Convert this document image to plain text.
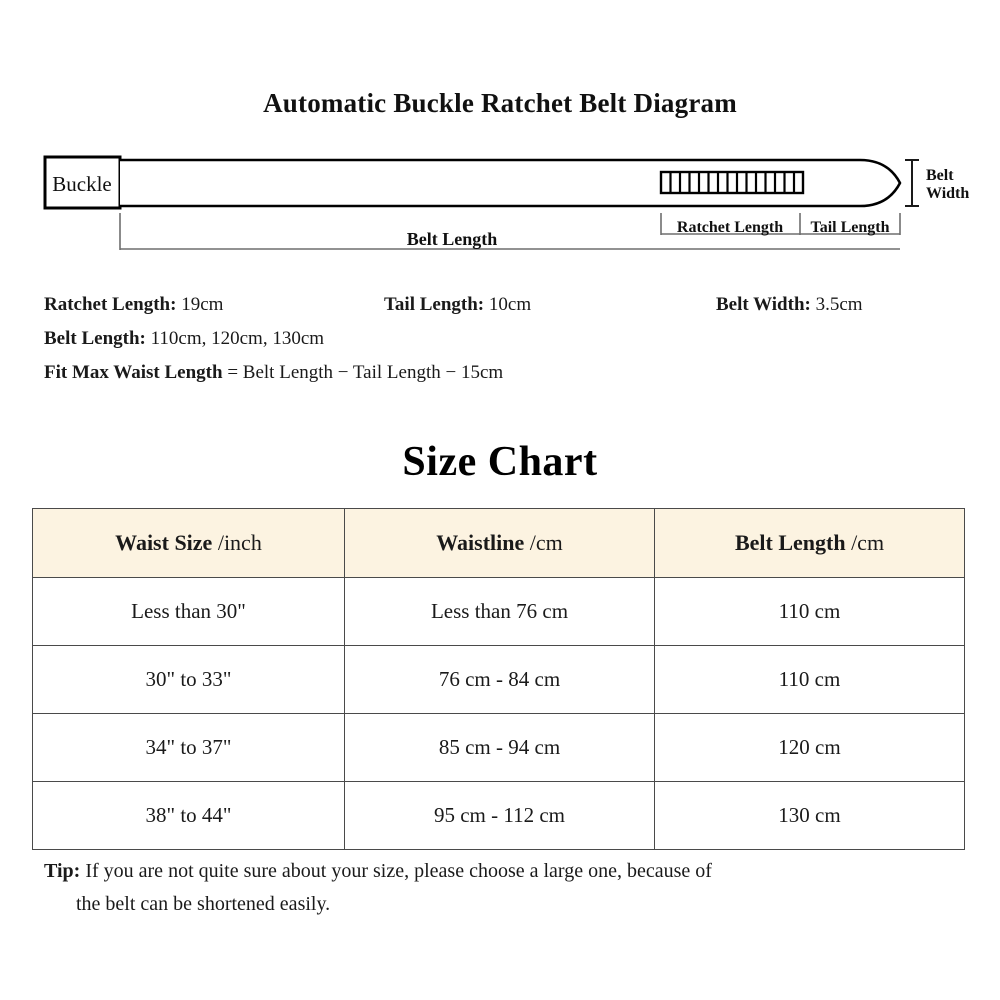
Automatic Buckle Ratchet Belt Diagram
Buckle	Belt
Width
Belt Length
Ratchet Length Tail Length
Ratchet Length: 19cm	Tail Length: 10cm	Belt Width: 3.5cm
Belt Length: 110cm, 120cm, 130cm
Fit Max Waist Length = Belt Length − Tail Length − 15cm
Size Chart
Waist Size /inch	Waistline /cm	Belt Length /cm
Less than 30"	Less than 76 cm	110 cm
30" to 33"	76 cm - 84 cm	110 cm
34" to 37"	85 cm - 94 cm	120 cm
38" to 44"	95 cm - 112 cm	130 cm
Tip: If you are not quite sure about your size, please choose a large one, because of
the belt can be shortened easily.
